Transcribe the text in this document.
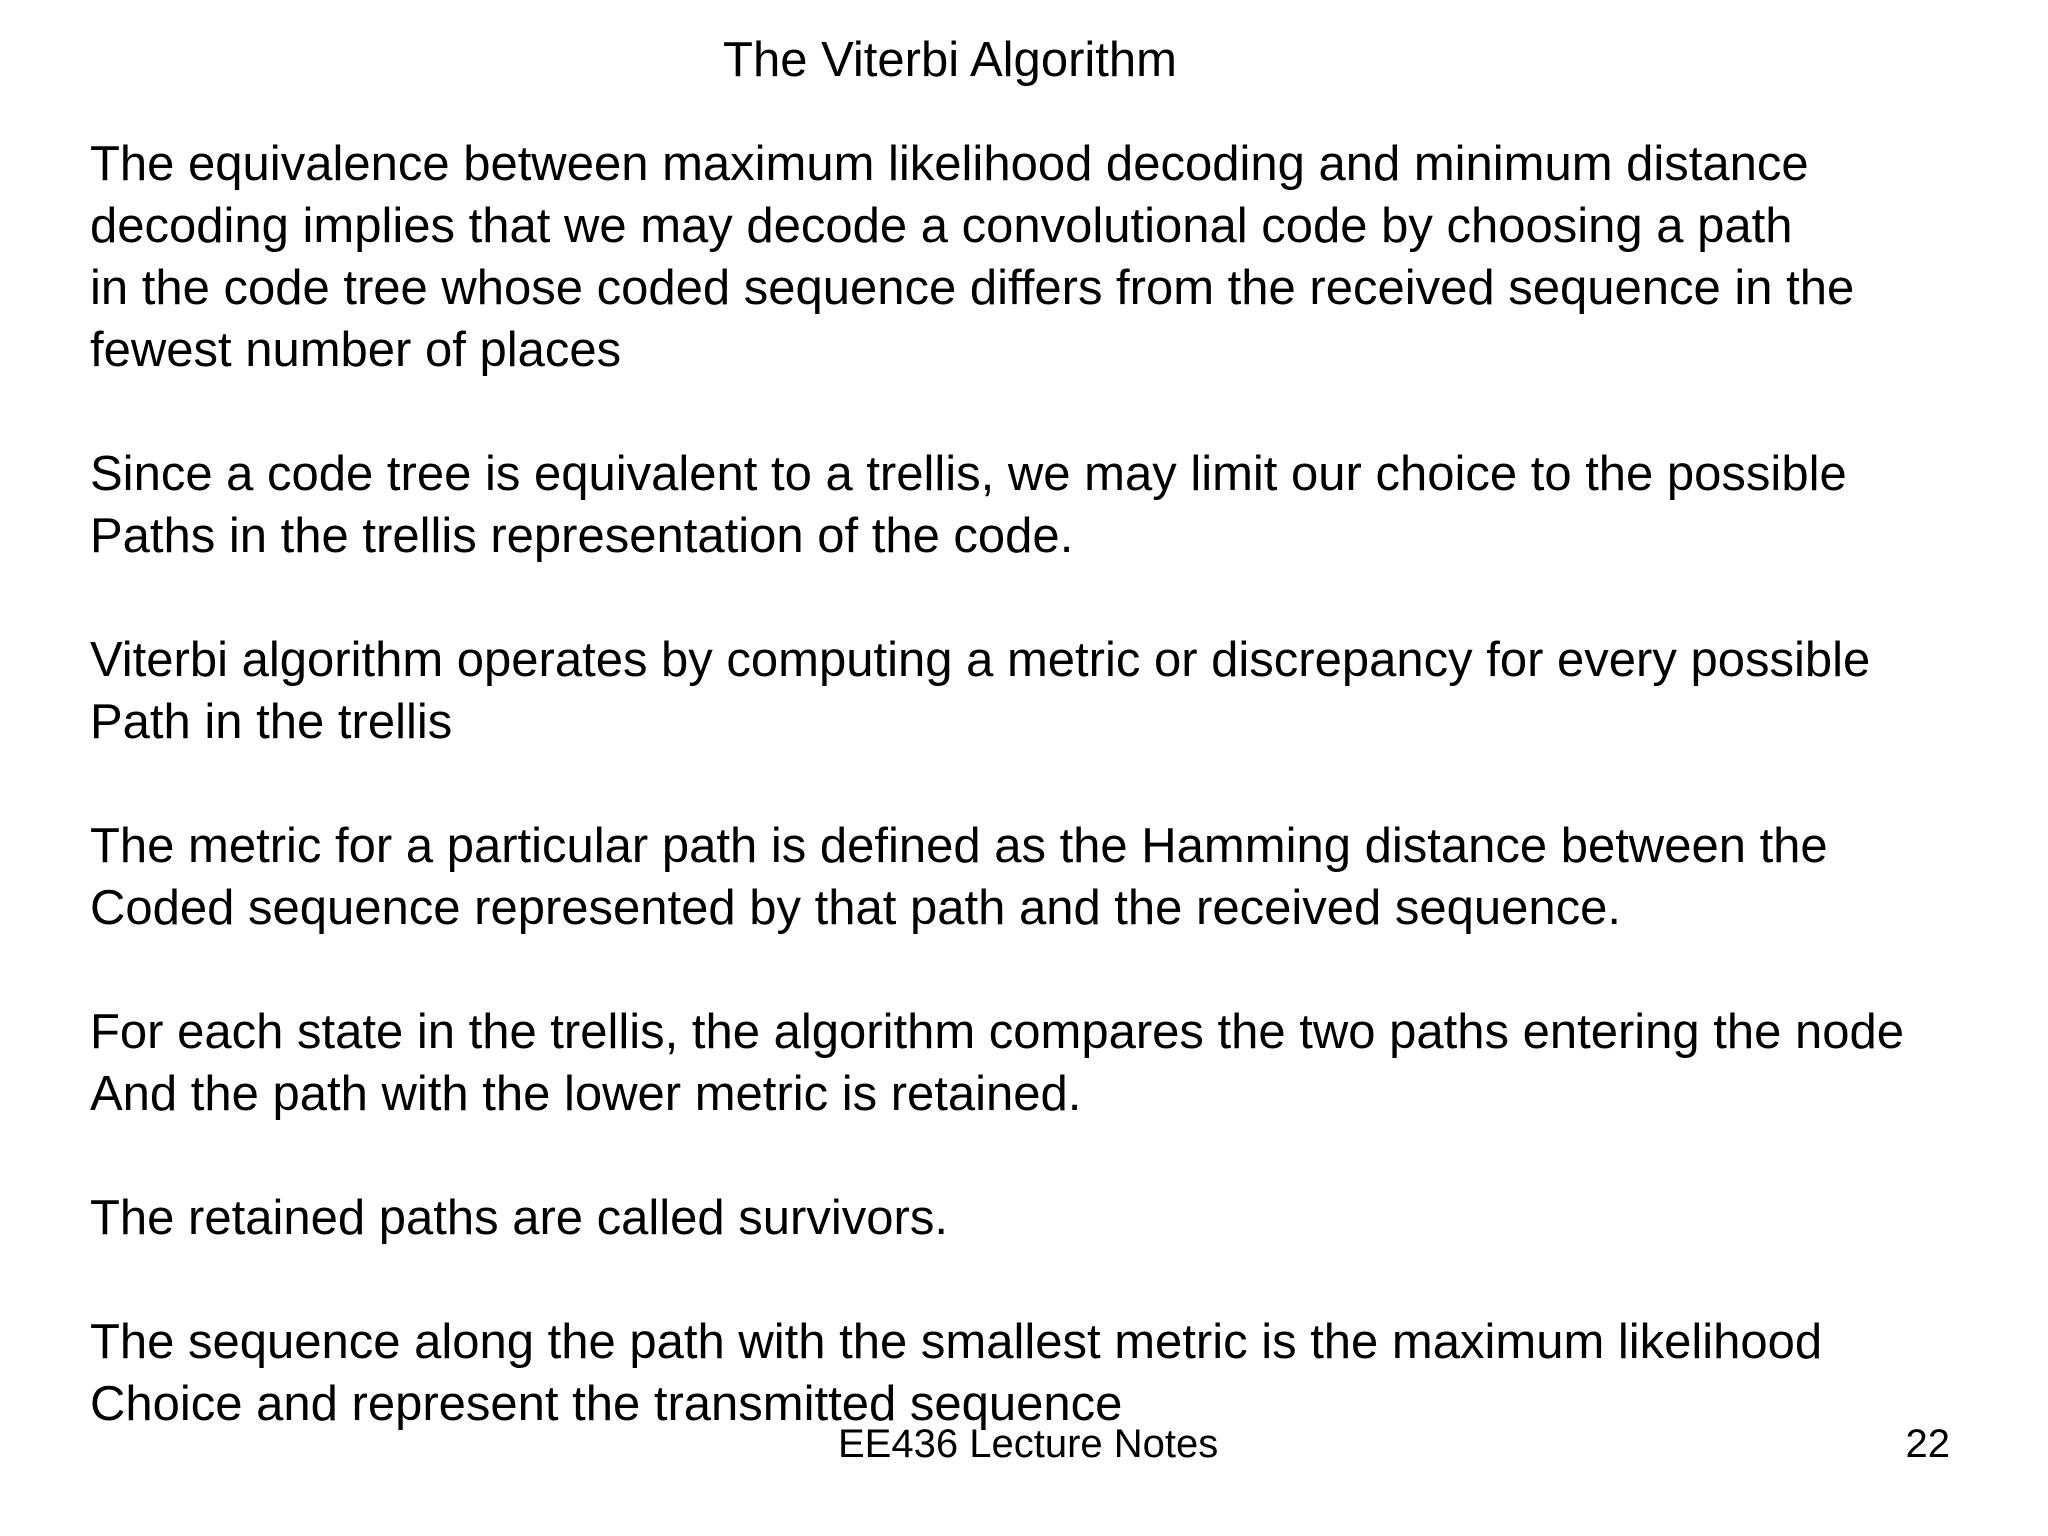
The Viterbi Algorithm

The equivalence between maximum likelihood decoding and minimum distance
decoding implies that we may decode a convolutional code by choosing a path
in the code tree whose coded sequence differs from the received sequence in the
fewest number of places

Since a code tree is equivalent to a trellis, we may limit our choice to the possible
Paths in the trellis representation of the code.

Viterbi algorithm operates by computing a metric or discrepancy for every possible
Path in the trellis

The metric for a particular path is defined as the Hamming distance between the
Coded sequence represented by that path and the received sequence.

For each state in the trellis, the algorithm compares the two paths entering the node
And the path with the lower metric is retained.

The retained paths are called survivors.

The sequence along the path with the smallest metric is the maximum likelihood
Choice and represent the transmitted sequence

EE436 Lecture Notes	22
